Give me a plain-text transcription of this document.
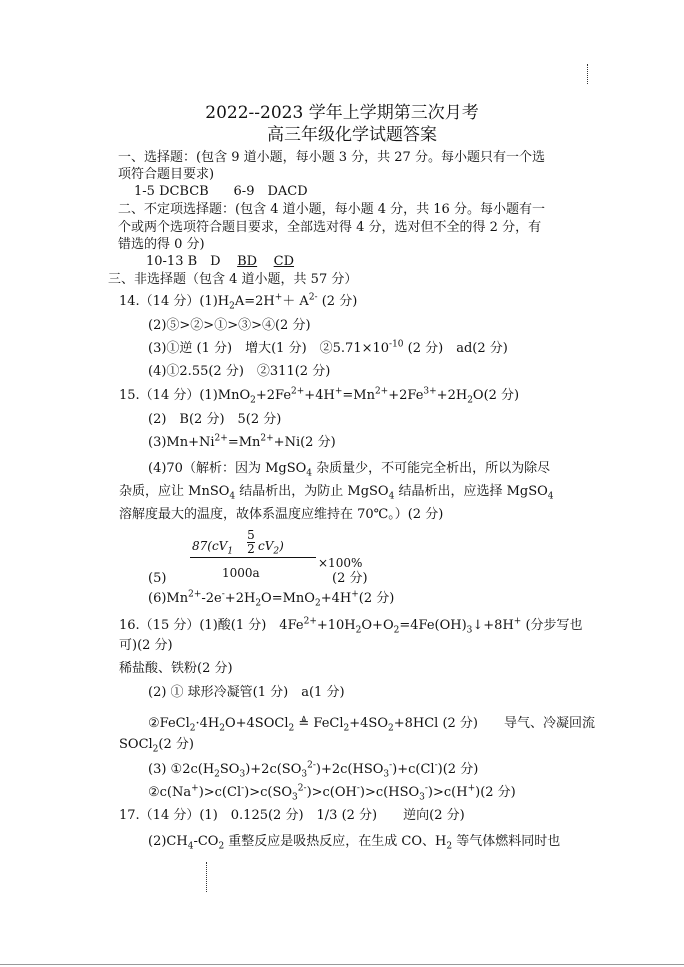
2022--2023 学年上学期第三次月考
高三年级化学试题答案
一、选择题：(包含 9 道小题，每小题 3 分，共 27 分。每小题只有一个选
项符合题目要求)
1-5 DCBCB 6-9　DACD
二、不定项选择题：(包含 4 道小题，每小题 4 分，共 16 分。每小题有一
个或两个选项符合题目要求，全部选对得 4 分，选对但不全的得 2 分，有
错选的得 0 分)
10-13 B　D BD CD
三、非选择题（包含 4 道小题，共 57 分）
14.（14 分）$(1)H_2A=2H^++ A^{2-}$ (2 分)
(2)⑤>②>①>③>④(2 分)
(3)①逆 (1 分)　增大(1 分)　$②5.71\times 10^{-10}$ (2 分)　ad(2 分)
(4)①2.55(2 分)　②311(2 分)
15.（14 分）$(1)MnO_2+2Fe^{2+}+4H^+=Mn^{2+}+2Fe^{3+}+2H_2O(2$ 分)
(2)　B(2 分)　5(2 分)
$(3)Mn+Ni^{2+}=Mn^{2+}+Ni(2$ 分)
(4)70（解析：因为 MgSO$_4$ 杂质量少，不可能完全析出，所以为除尽
杂质，应让 MnSO$_4$ 结晶析出，为防止 MgSO$_4$ 结晶析出，应选择 MgSO$_4$
溶解度最大的温度，故体系温度应维持在 70℃。）(2 分)
$87(cV_1$
5
2 $cV_2$)
1000a
×100%
(5)	(2 分)
$(6)Mn^{2+}-2e^-+2H_2O=MnO_2+4H^+(2$ 分)
16.（15 分）(1)酸(1 分)　$4Fe^{2+}+10H_2O+O_2=4Fe(OH)_3↓+8H^+$ (分步写也
可)(2 分)
稀盐酸、铁粉(2 分)
(2) ① 球形冷凝管(1 分)　a(1 分)
$②FeCl_2\cdot 4H_2O+4SOCl_2$ ≜ $FeCl_2+4SO_2+8HCl$ (2 分)　　导气、冷凝回流
SOCl$_2$(2 分)
(3) $①2c(H_2SO_3)+2c(SO_3^{2-})+2c(HSO_3^-)+c(Cl^-)(2$ 分)
$②c(Na^+)>c(Cl^-)>c(SO_3^{2-})>c(OH^-)>c(HSO_3^-)>c(H^+)(2$ 分)
17.（14 分）(1)　0.125(2 分)　1/3 (2 分)　　逆向(2 分)
$(2)CH_4-CO_2$ 重整反应是吸热反应，在生成 CO、$H_2$ 等气体燃料同时也
